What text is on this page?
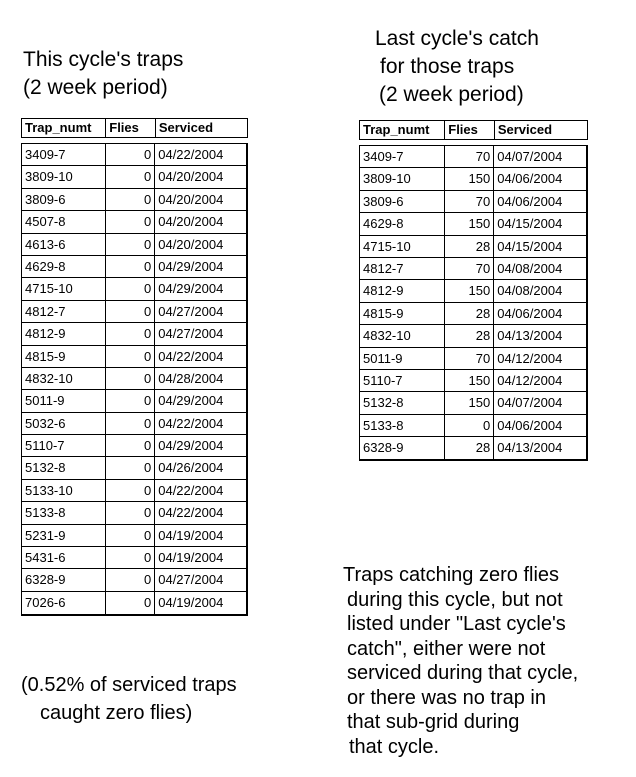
This cycle's traps
(2 week period)
Last cycle's catch
for those traps
(2 week period)
Trap_numt	Flies	Serviced
3409-7	0 04/22/2004
3809-10	0 04/20/2004
3809-6	0 04/20/2004
4507-8	0 04/20/2004
4613-6	0 04/20/2004
4629-8	0 04/29/2004
4715-10	0 04/29/2004
4812-7	0 04/27/2004
4812-9	0 04/27/2004
4815-9	0 04/22/2004
4832-10	0 04/28/2004
5011-9	0 04/29/2004
5032-6	0 04/22/2004
5110-7	0 04/29/2004
5132-8	0 04/26/2004
5133-10	0 04/22/2004
5133-8	0 04/22/2004
5231-9	0 04/19/2004
5431-6	0 04/19/2004
6328-9	0 04/27/2004
7026-6	0 04/19/2004
Trap_numt	Flies	Serviced
3409-7	70 04/07/2004
3809-10	150 04/06/2004
3809-6	70 04/06/2004
4629-8	150 04/15/2004
4715-10	28 04/15/2004
4812-7	70 04/08/2004
4812-9	150 04/08/2004
4815-9	28 04/06/2004
4832-10	28 04/13/2004
5011-9	70 04/12/2004
5110-7	150 04/12/2004
5132-8	150 04/07/2004
5133-8	0 04/06/2004
6328-9	28 04/13/2004
(0.52% of serviced traps
caught zero flies)
Traps catching zero flies
during this cycle, but not
listed under "Last cycle's
catch", either were not
serviced during that cycle,
or there was no trap in
that sub-grid during
that cycle.
